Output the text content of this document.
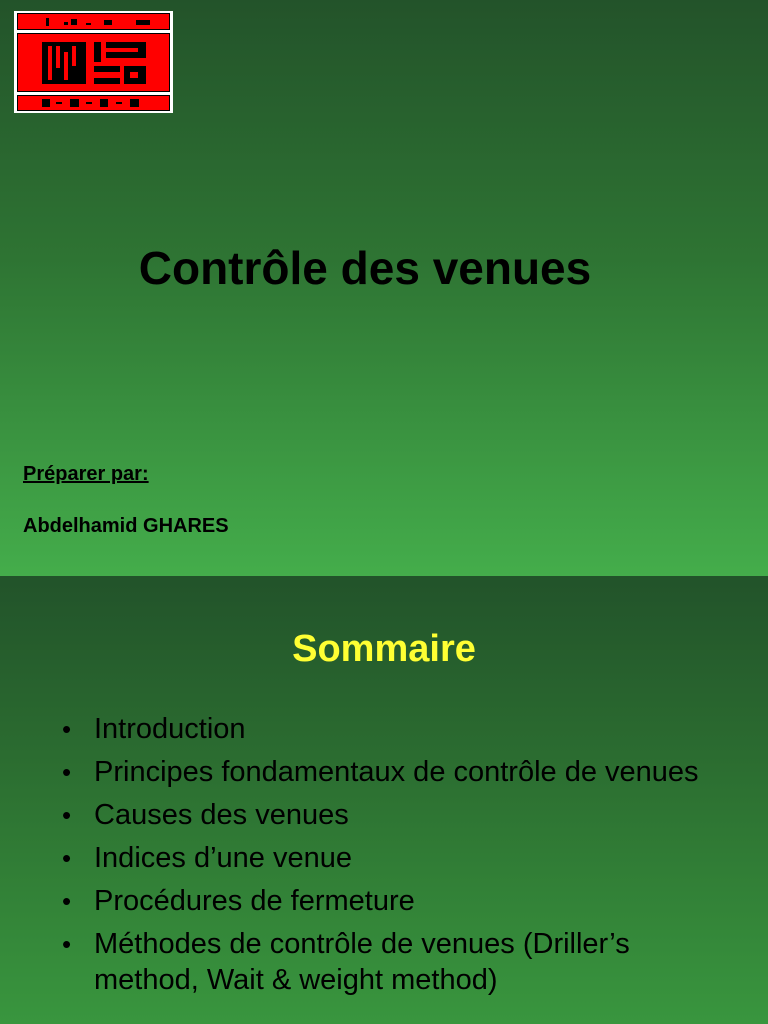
Contrôle des venues
Préparer par:
Abdelhamid GHARES
Sommaire
• Introduction
• Principes fondamentaux de contrôle de venues
• Causes des venues
• Indices d’une venue
• Procédures de fermeture
• Méthodes de contrôle de venues (Driller’s method, Wait & weight method)
